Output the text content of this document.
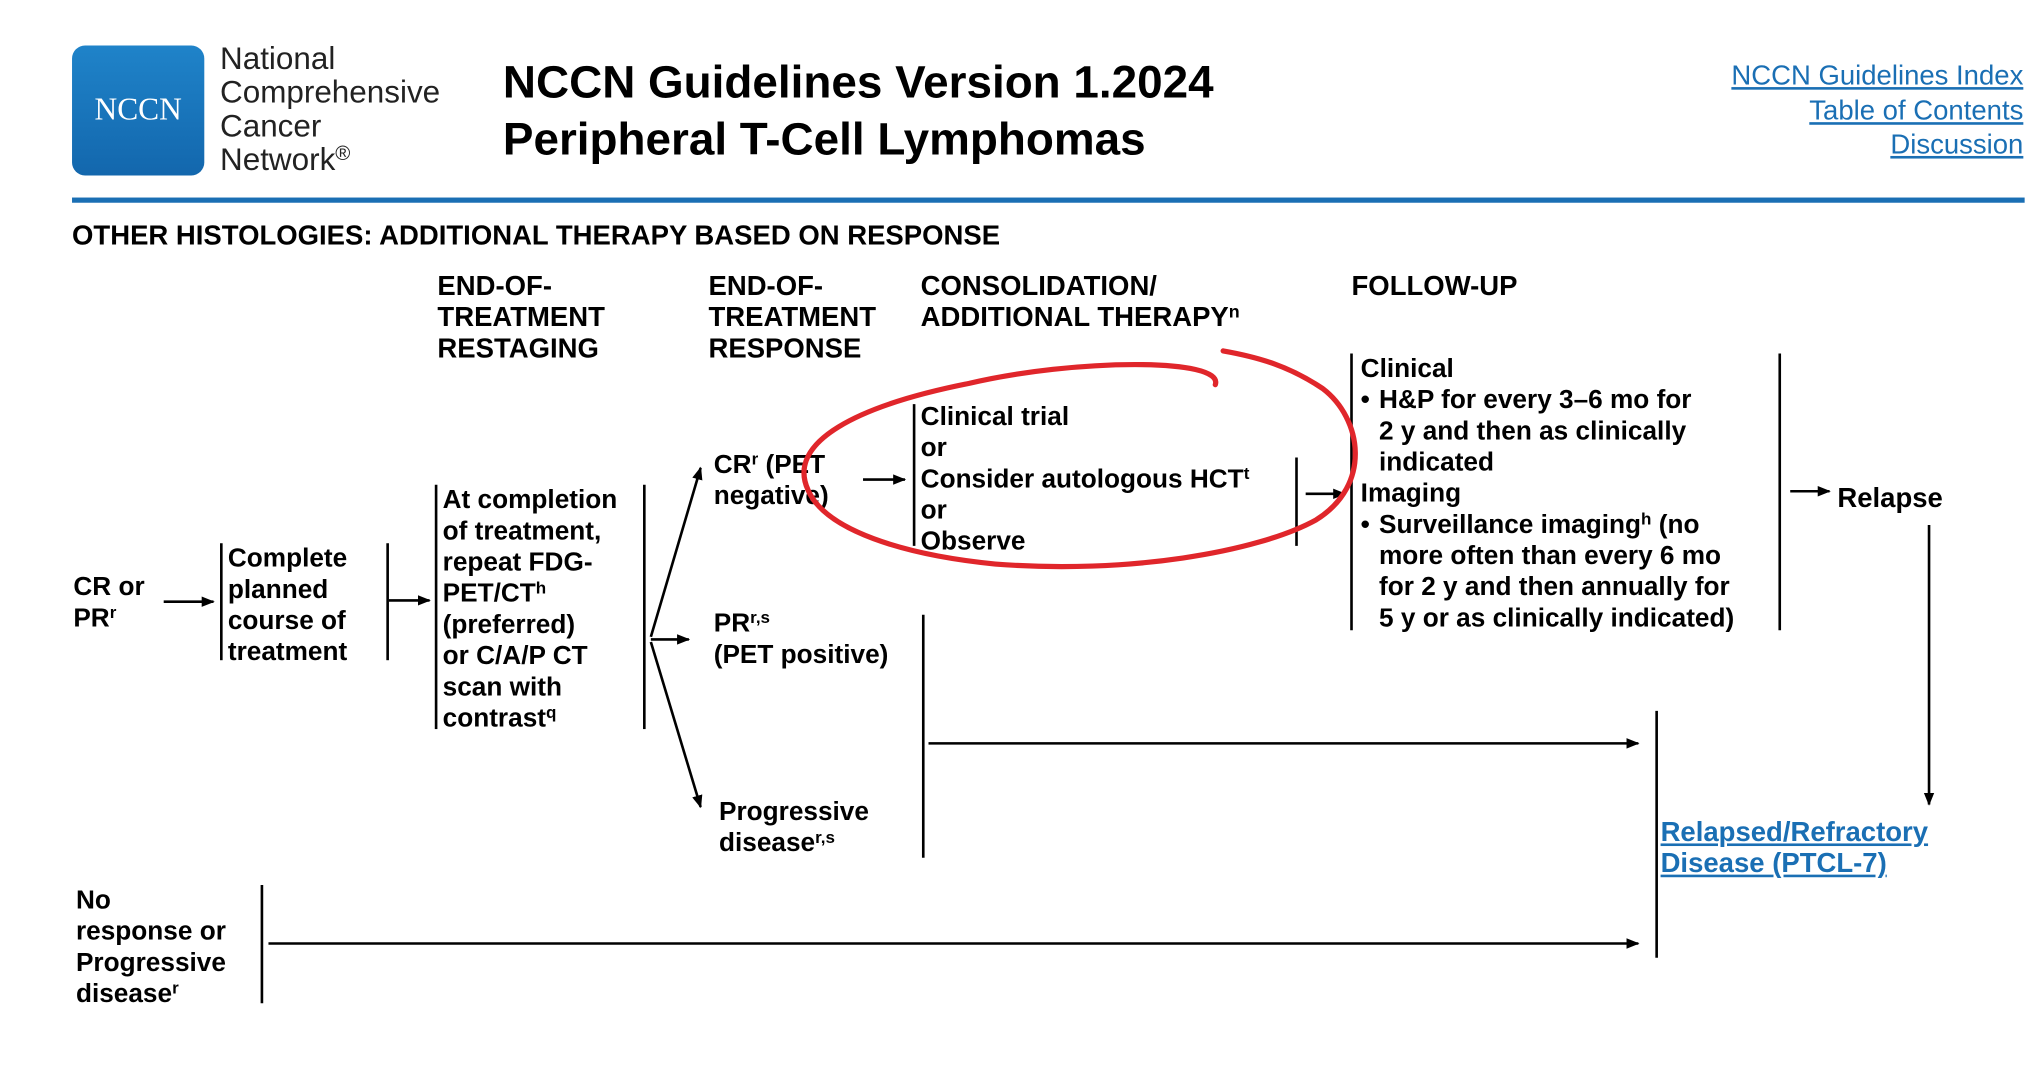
NCCN
National
Comprehensive
Cancer
Network®
NCCN Guidelines Version 1.2024
Peripheral T-Cell Lymphomas
NCCN Guidelines Index
Table of Contents
Discussion
OTHER HISTOLOGIES: ADDITIONAL THERAPY BASED ON RESPONSE
END-OF-
TREATMENT
RESTAGING
END-OF-
TREATMENT
RESPONSE
CONSOLIDATION/
ADDITIONAL THERAPY$^n$
FOLLOW-UP
CR or
$PR^r$
Complete
planned
course of
treatment
At completion
of treatment,
repeat FDG-
PET/$CT^h$
(preferred)
or C/A/P CT
scan with
contrast$^q$
$CR^r$ (PET
negative)
PR$^{r,s}$
(PET positive)
Progressive
disease$^{r,s}$
No
response or
Progressive
disease$^r$
Clinical trial
or
Consider autologous HCT$^t$
or
Observe
Clinical
• H&P for every 3–6 mo for
2 y and then as clinically
indicated
Imaging
• Surveillance imaging$^h$ (no
more often than every 6 mo
for 2 y and then annually for
5 y or as clinically indicated)
Relapse
Relapsed/Refractory
Disease (PTCL-7)
